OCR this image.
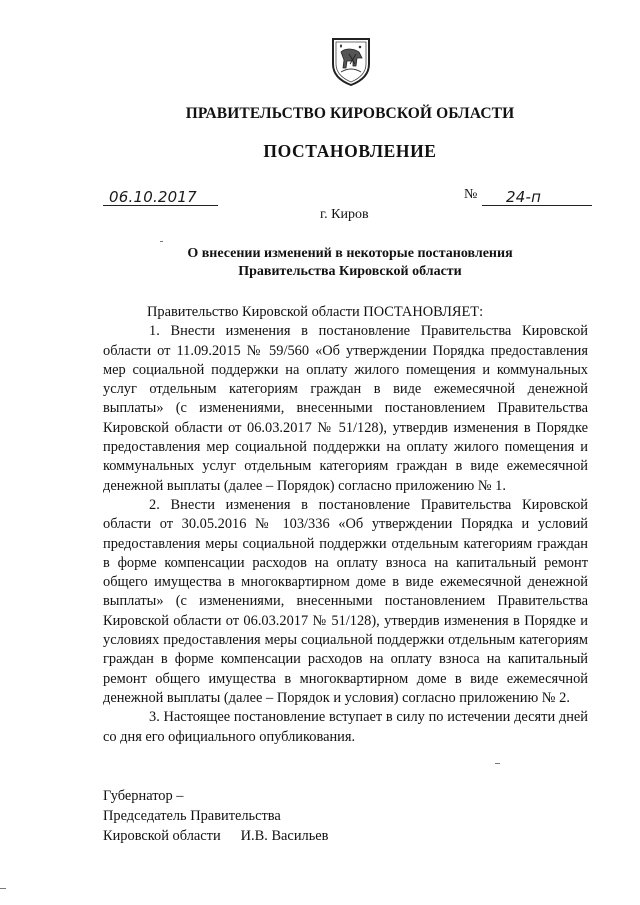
ПРАВИТЕЛЬСТВО КИРОВСКОЙ ОБЛАСТИ
ПОСТАНОВЛЕНИЕ
06.10.2017	№ 24-п
г. Киров
О внесении изменений в некоторые постановления
Правительства Кировской области

Правительство Кировской области ПОСТАНОВЛЯЕТ:

1. Внести изменения в постановление Правительства Кировской области от 11.09.2015 № 59/560 «Об утверждении Порядка предоставления мер социальной поддержки на оплату жилого помещения и коммунальных услуг отдельным категориям граждан в виде ежемесячной денежной выплаты» (с изменениями, внесенными постановлением Правительства Кировской области от 06.03.2017 № 51/128), утвердив изменения в Порядке предоставления мер социальной поддержки на оплату жилого помещения и коммунальных услуг отдельным категориям граждан в виде ежемесячной денежной выплаты (далее – Порядок) согласно приложению № 1.

2. Внести изменения в постановление Правительства Кировской области от 30.05.2016 № 103/336 «Об утверждении Порядка и условий предоставления меры социальной поддержки отдельным категориям граждан в форме компенсации расходов на оплату взноса на капитальный ремонт общего имущества в многоквартирном доме в виде ежемесячной денежной выплаты» (с изменениями, внесенными постановлением Правительства Кировской области от 06.03.2017 № 51/128), утвердив изменения в Порядке и условиях предоставления меры социальной поддержки отдельным категориям граждан в форме компенсации расходов на оплату взноса на капитальный ремонт общего имущества в многоквартирном доме в виде ежемесячной денежной выплаты (далее – Порядок и условия) согласно приложению № 2.

3. Настоящее постановление вступает в силу по истечении десяти дней со дня его официального опубликования.

Губернатор –
Председатель Правительства
Кировской области И.В. Васильев
